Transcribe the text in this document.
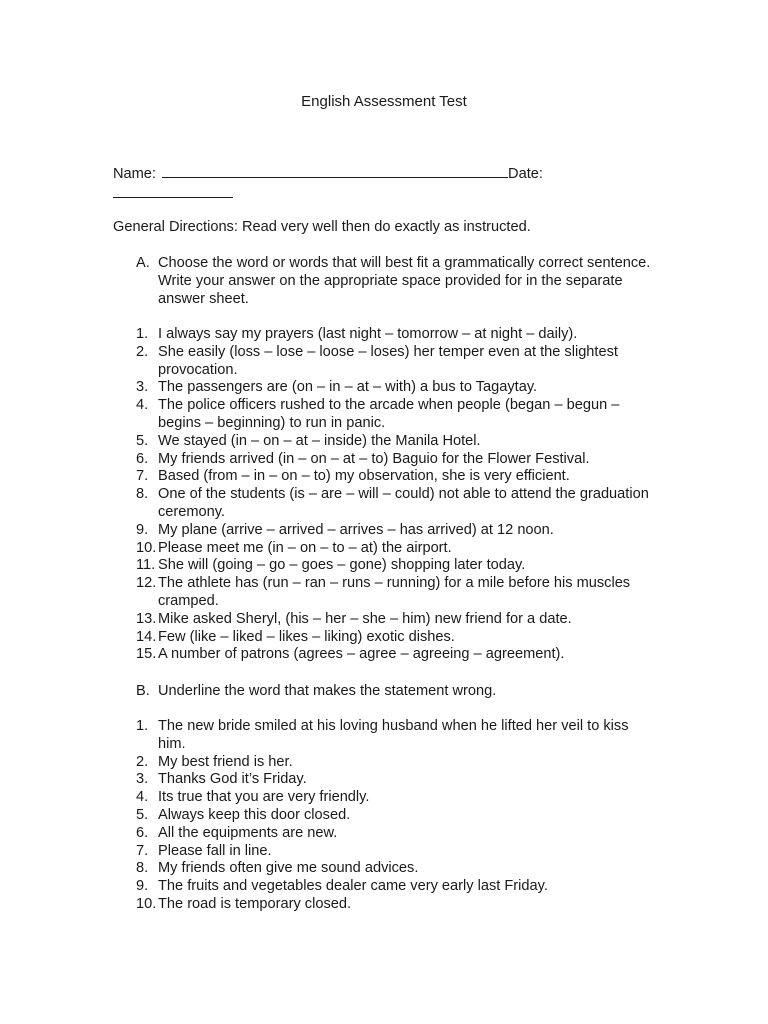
English Assessment Test
Name:	Date:
General Directions: Read very well then do exactly as instructed.
A. Choose the word or words that will best fit a grammatically correct sentence. Write your answer on the appropriate space provided for in the separate answer sheet.
1. I always say my prayers (last night – tomorrow – at night – daily).
2. She easily (loss – lose – loose – loses) her temper even at the slightest provocation.
3. The passengers are (on – in – at – with) a bus to Tagaytay.
4. The police officers rushed to the arcade when people (began – begun – begins – beginning) to run in panic.
5. We stayed (in – on – at – inside) the Manila Hotel.
6. My friends arrived (in – on – at – to) Baguio for the Flower Festival.
7. Based (from – in – on – to) my observation, she is very efficient.
8. One of the students (is – are – will – could) not able to attend the graduation ceremony.
9. My plane (arrive – arrived – arrives – has arrived) at 12 noon.
10. Please meet me (in – on – to – at) the airport.
11. She will (going – go – goes – gone) shopping later today.
12. The athlete has (run – ran – runs – running) for a mile before his muscles cramped.
13. Mike asked Sheryl, (his – her – she – him) new friend for a date.
14. Few (like – liked – likes – liking) exotic dishes.
15. A number of patrons (agrees – agree – agreeing – agreement).
B. Underline the word that makes the statement wrong.
1. The new bride smiled at his loving husband when he lifted her veil to kiss him.
2. My best friend is her.
3. Thanks God it’s Friday.
4. Its true that you are very friendly.
5. Always keep this door closed.
6. All the equipments are new.
7. Please fall in line.
8. My friends often give me sound advices.
9. The fruits and vegetables dealer came very early last Friday.
10. The road is temporary closed.
